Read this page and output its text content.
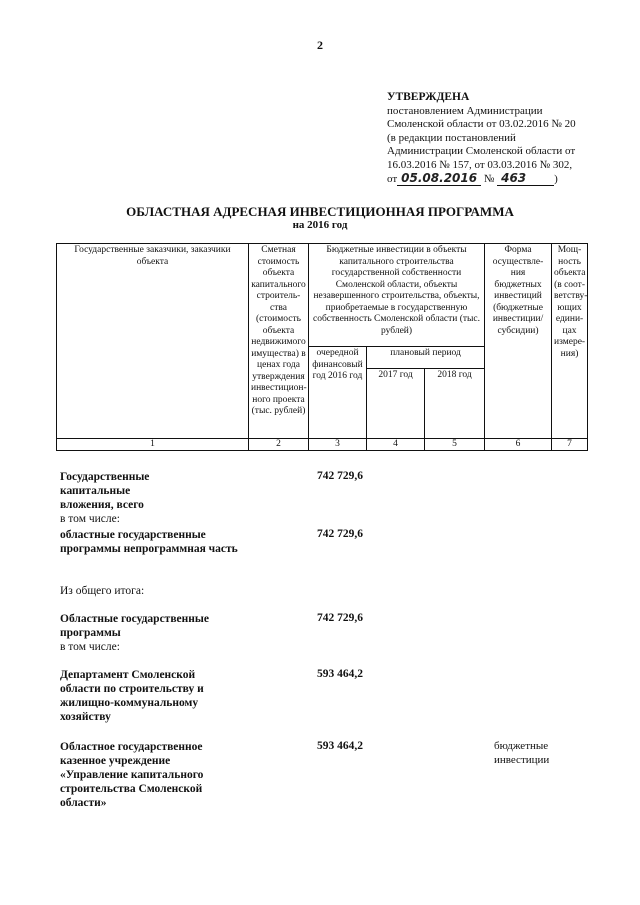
2
УТВЕРЖДЕНА
постановлением Администрации
Смоленской области от 03.02.2016 № 20
(в редакции постановлений
Администрации Смоленской области от
16.03.2016 № 157, от 03.03.2016 № 302,
от 05.08.2016 № 463	)
ОБЛАСТНАЯ АДРЕСНАЯ ИНВЕСТИЦИОННАЯ ПРОГРАММА
на 2016 год
Государственные заказчики, заказчики объекта	Сметная стоимость объекта капитального строитель-ства (стоимость объекта недвижимого имущества) в ценах года утверждения инвестицион-ного проекта (тыс. рублей)	Бюджетные инвестиции в объекты капитального строительства государственной собственности Смоленской области, объекты незавершенного строительства, объекты, приобретаемые в государственную собственность Смоленской области (тыс. рублей)			Форма осуществле-ния бюджетных инвестиций (бюджетные инвестиции/ субсидии)	Мощ-ность объекта (в соот-ветству-ющих едини-цах измере-ния)
		очередной финансовый год 2016 год	плановый период			
			2017 год	2018 год		
1	2	3	4	5	6	7
Государственные капитальные вложения, всего
в том числе:
742 729,6
областные государственные программы непрограммная часть
742 729,6
Из общего итога:
Областные государственные программы
в том числе:
742 729,6
Департамент Смоленской области по строительству и жилищно-коммунальному хозяйству
593 464,2
Областное государственное казенное учреждение «Управление капитального строительства Смоленской области»
593 464,2	бюджетные инвестиции
